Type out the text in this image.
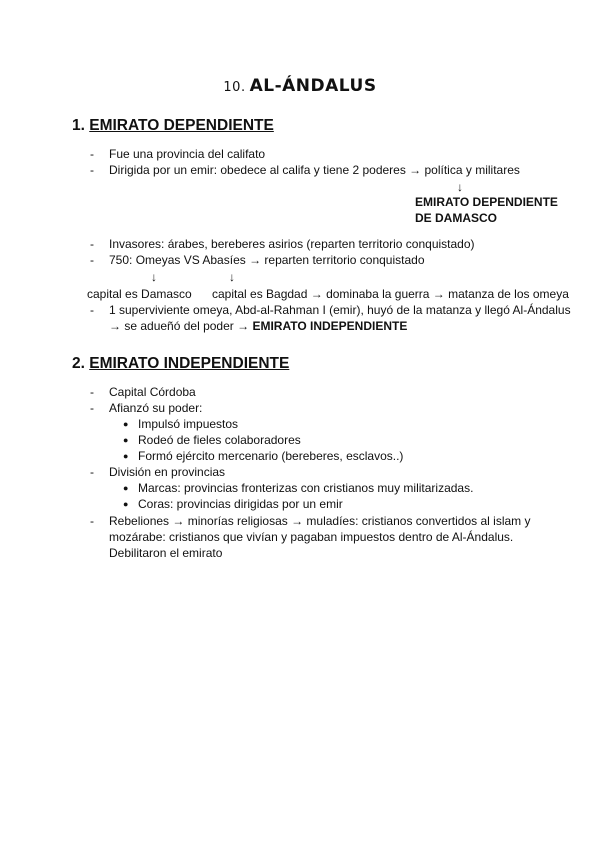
10. AL-ÁNDALUS
1. EMIRATO DEPENDIENTE
-	Fue una provincia del califato
-	Dirigida por un emir: obedece al califa y tiene 2 poderes → política y militares
↓
EMIRATO DEPENDIENTE
DE DAMASCO
-	Invasores: árabes, bereberes asirios (reparten territorio conquistado)
-	750: Omeyas VS Abasíes → reparten territorio conquistado
↓	↓
capital es Damasco capital es Bagdad → dominaba la guerra → matanza de los omeya
-	1 superviviente omeya, Abd-al-Rahman I (emir), huyó de la matanza y llegó Al-Ándalus
→ se adueñó del poder → EMIRATO INDEPENDIENTE
2. EMIRATO INDEPENDIENTE
-	Capital Córdoba
-	Afianzó su poder:
● Impulsó impuestos
● Rodeó de fieles colaboradores
● Formó ejército mercenario (bereberes, esclavos..)
-	División en provincias
● Marcas: provincias fronterizas con cristianos muy militarizadas.
● Coras: provincias dirigidas por un emir
-	Rebeliones → minorías religiosas → muladíes: cristianos convertidos al islam y
mozárabe: cristianos que vivían y pagaban impuestos dentro de Al-Ándalus.
Debilitaron el emirato
